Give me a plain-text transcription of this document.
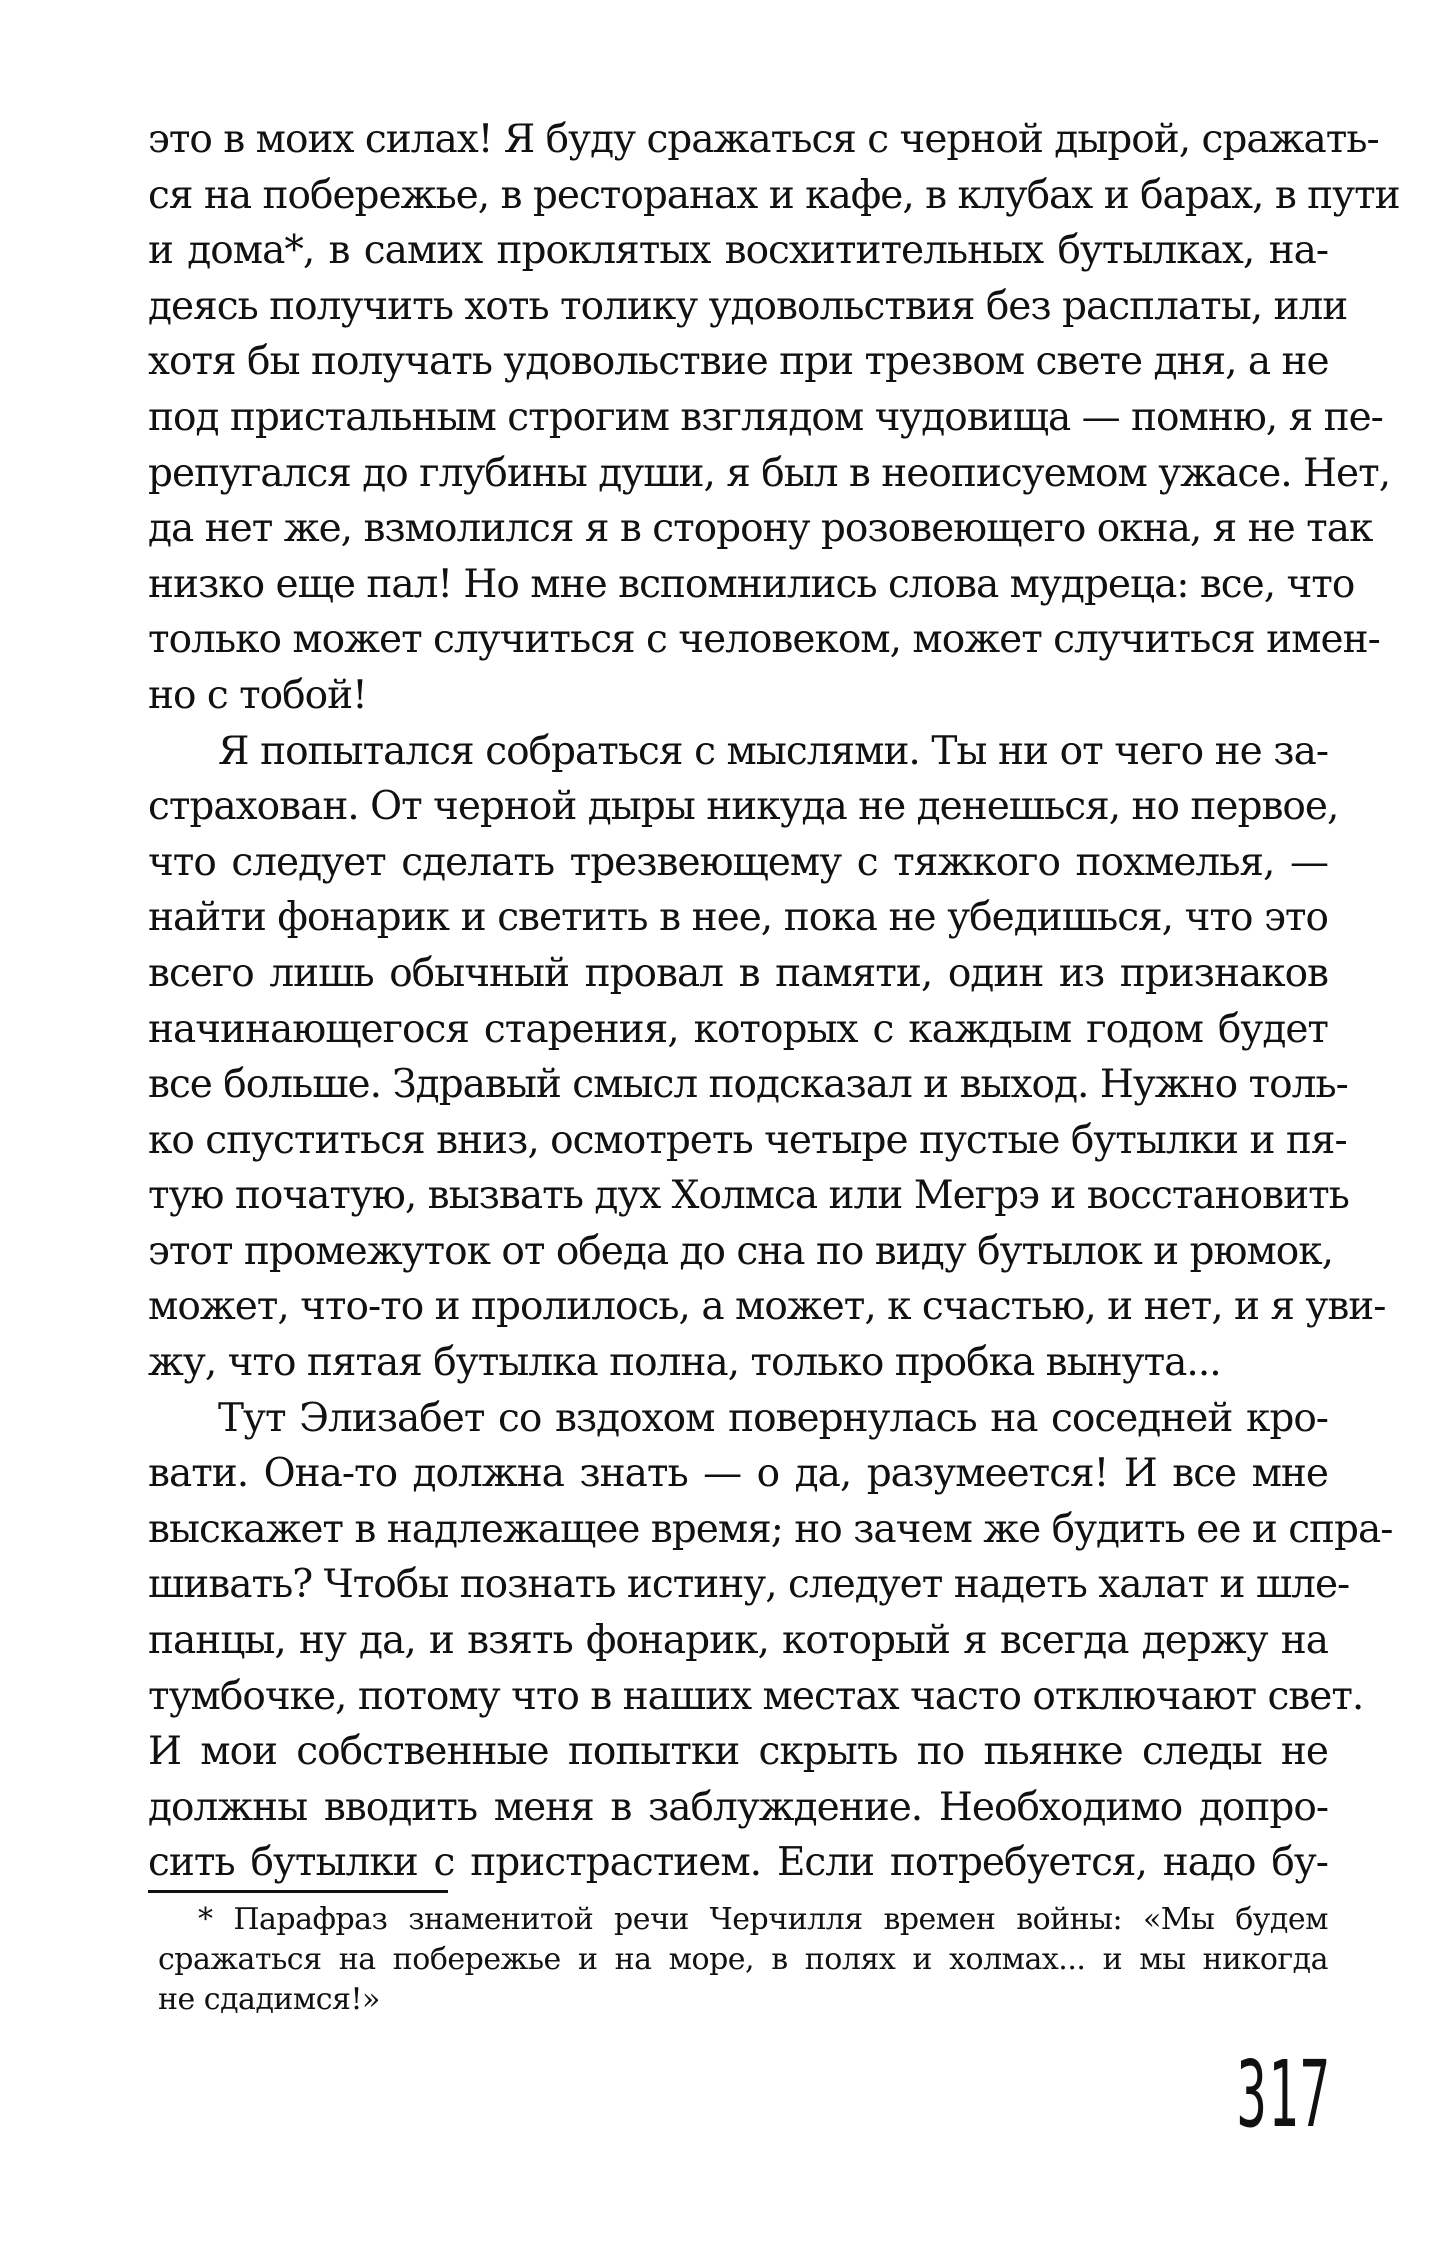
это в моих силах! Я буду сражаться с черной дырой, сражать-
ся на побережье, в ресторанах и кафе, в клубах и барах, в пути
и дома*, в самих проклятых восхитительных бутылках, на-
деясь получить хоть толику удовольствия без расплаты, или
хотя бы получать удовольствие при трезвом свете дня, а не
под пристальным строгим взглядом чудовища — помню, я пе-
репугался до глубины души, я был в неописуемом ужасе. Нет,
да нет же, взмолился я в сторону розовеющего окна, я не так
низко еще пал! Но мне вспомнились слова мудреца: все, что
только может случиться с человеком, может случиться имен-
но с тобой!
Я попытался собраться с мыслями. Ты ни от чего не за-
страхован. От черной дыры никуда не денешься, но первое,
что следует сделать трезвеющему с тяжкого похмелья, —
найти фонарик и светить в нее, пока не убедишься, что это
всего лишь обычный провал в памяти, один из признаков
начинающегося старения, которых с каждым годом будет
все больше. Здравый смысл подсказал и выход. Нужно толь-
ко спуститься вниз, осмотреть четыре пустые бутылки и пя-
тую початую, вызвать дух Холмса или Мегрэ и восстановить
этот промежуток от обеда до сна по виду бутылок и рюмок,
может, что-то и пролилось, а может, к счастью, и нет, и я уви-
жу, что пятая бутылка полна, только пробка вынута...
Тут Элизабет со вздохом повернулась на соседней кро-
вати. Она-то должна знать — о да, разумеется! И все мне
выскажет в надлежащее время; но зачем же будить ее и спра-
шивать? Чтобы познать истину, следует надеть халат и шле-
панцы, ну да, и взять фонарик, который я всегда держу на
тумбочке, потому что в наших местах часто отключают свет.
И мои собственные попытки скрыть по пьянке следы не
должны вводить меня в заблуждение. Необходимо допро-
сить бутылки с пристрастием. Если потребуется, надо бу-
* Парафраз знаменитой речи Черчилля времен войны: «Мы будем
сражаться на побережье и на море, в полях и холмах... и мы никогда
не сдадимся!»
317
